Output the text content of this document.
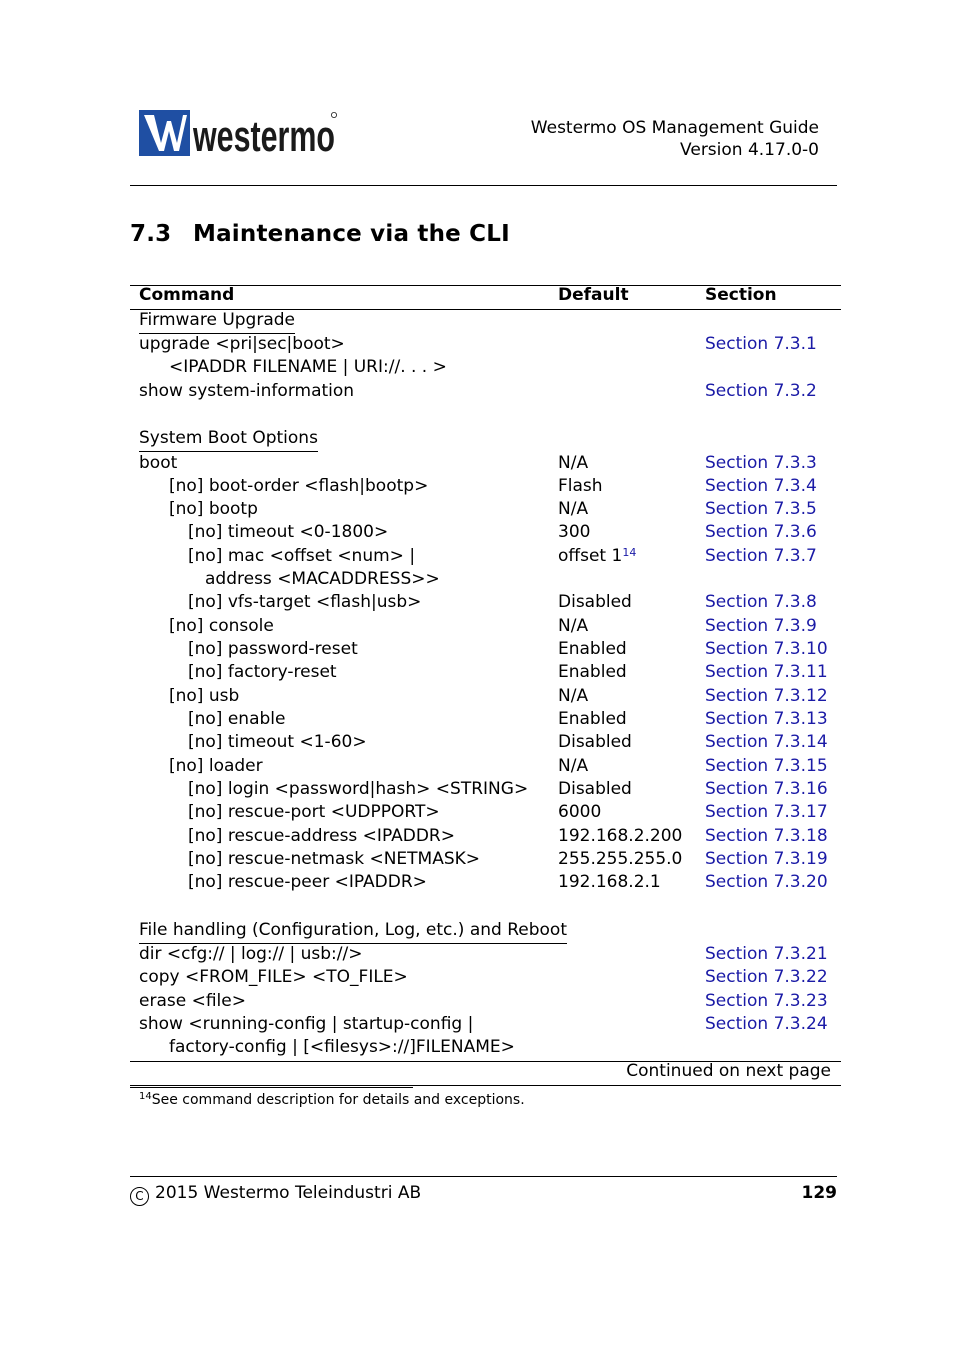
westermo	Westermo OS Management Guide
Version 4.17.0-0
7.3 Maintenance via the CLI
Command	Default	Section
Firmware Upgrade
upgrade <pri|sec|boot>	Section 7.3.1
<IPADDR FILENAME | URI://. . . >
show system-information	Section 7.3.2
System Boot Options
boot	N/A	Section 7.3.3
[no] boot-order <flash|bootp>	Flash	Section 7.3.4
[no] bootp	N/A	Section 7.3.5
[no] timeout <0-1800>	300	Section 7.3.6
[no] mac <offset <num> |	offset $1^{14}$	Section 7.3.7
address <MACADDRESS>>
[no] vfs-target <flash|usb>	Disabled	Section 7.3.8
[no] console	N/A	Section 7.3.9
[no] password-reset	Enabled	Section 7.3.10
[no] factory-reset	Enabled	Section 7.3.11
[no] usb	N/A	Section 7.3.12
[no] enable	Enabled	Section 7.3.13
[no] timeout <1-60>	Disabled	Section 7.3.14
[no] loader	N/A	Section 7.3.15
[no] login <password|hash> <STRING> Disabled	Section 7.3.16
[no] rescue-port <UDPPORT>	6000	Section 7.3.17
[no] rescue-address <IPADDR>	192.168.2.200 Section 7.3.18
[no] rescue-netmask <NETMASK>	255.255.255.0 Section 7.3.19
[no] rescue-peer <IPADDR>	192.168.2.1	Section 7.3.20
File handling (Configuration, Log, etc.) and Reboot
dir <cfg:// | log:// | usb://>	Section 7.3.21
copy <FROM_FILE> <TO_FILE>	Section 7.3.22
erase <file>	Section 7.3.23
show <running-config | startup-config |	Section 7.3.24
factory-config | [<filesys>://]FILENAME>
Continued on next page
$^{14}$See command description for details and exceptions.
C 2015 Westermo Teleindustri AB	129
